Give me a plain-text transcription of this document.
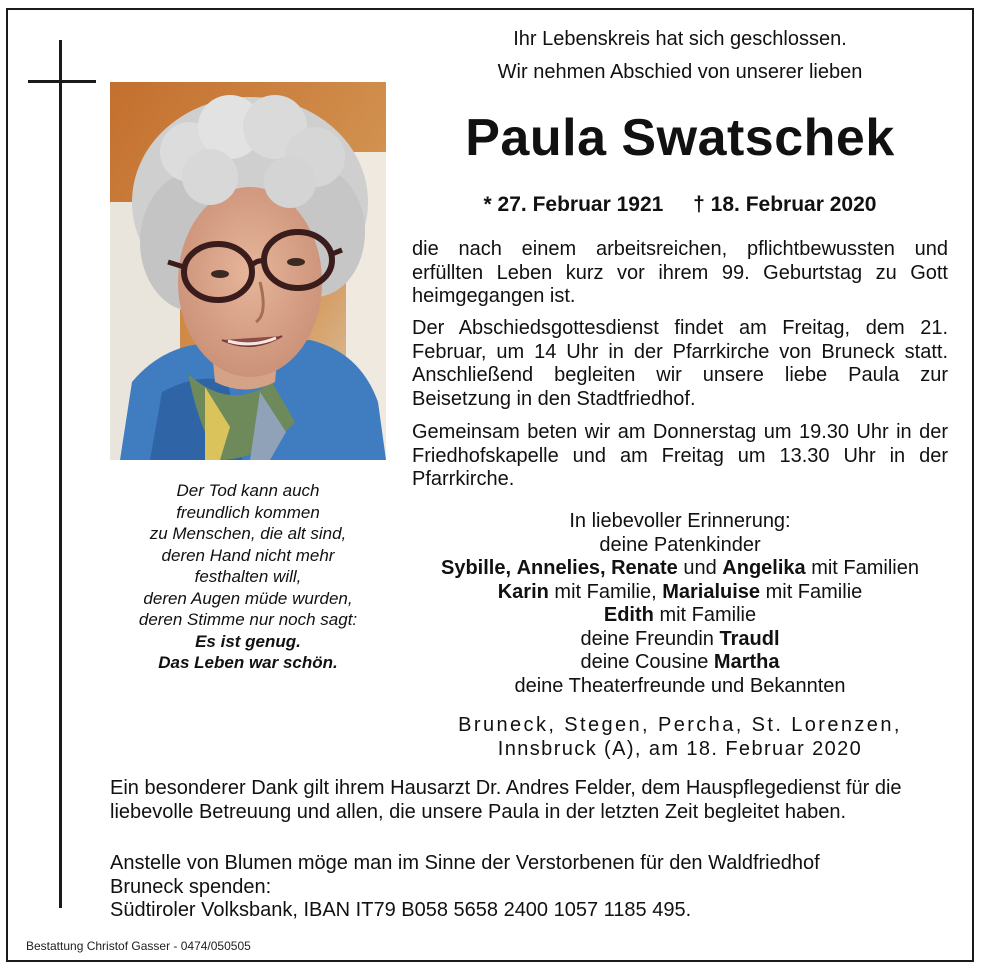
Der Tod kann auch
freundlich kommen
zu Menschen, die alt sind,
deren Hand nicht mehr
festhalten will,
deren Augen müde wurden,
deren Stimme nur noch sagt:
Es ist genug.
Das Leben war schön.
Ihr Lebenskreis hat sich geschlossen.
Wir nehmen Abschied von unserer lieben
Paula Swatschek
* 27. Februar 1921 † 18. Februar 2020
die nach einem arbeitsreichen, pflichtbewussten und erfüllten Leben kurz vor ihrem 99. Geburtstag zu Gott heimgegangen ist.
Der Abschiedsgottesdienst findet am Freitag, dem 21. Februar, um 14 Uhr in der Pfarrkirche von Bruneck statt. Anschließend begleiten wir unsere liebe Paula zur Beisetzung in den Stadtfriedhof.
Gemeinsam beten wir am Donnerstag um 19.30 Uhr in der Friedhofskapelle und am Freitag um 13.30 Uhr in der Pfarrkirche.
In liebevoller Erinnerung:
deine Patenkinder
Sybille, Annelies, Renate und Angelika mit Familien
Karin mit Familie, Marialuise mit Familie
Edith mit Familie
deine Freundin Traudl
deine Cousine Martha
deine Theaterfreunde und Bekannten
Bruneck, Stegen, Percha, St. Lorenzen,
Innsbruck (A), am 18. Februar 2020
Ein besonderer Dank gilt ihrem Hausarzt Dr. Andres Felder, dem Hauspflegedienst für die liebevolle Betreuung und allen, die unsere Paula in der letzten Zeit begleitet haben.
Anstelle von Blumen möge man im Sinne der Verstorbenen für den Waldfriedhof
Bruneck spenden:
Südtiroler Volksbank, IBAN IT79 B058 5658 2400 1057 1185 495.
Bestattung Christof Gasser - 0474/050505
